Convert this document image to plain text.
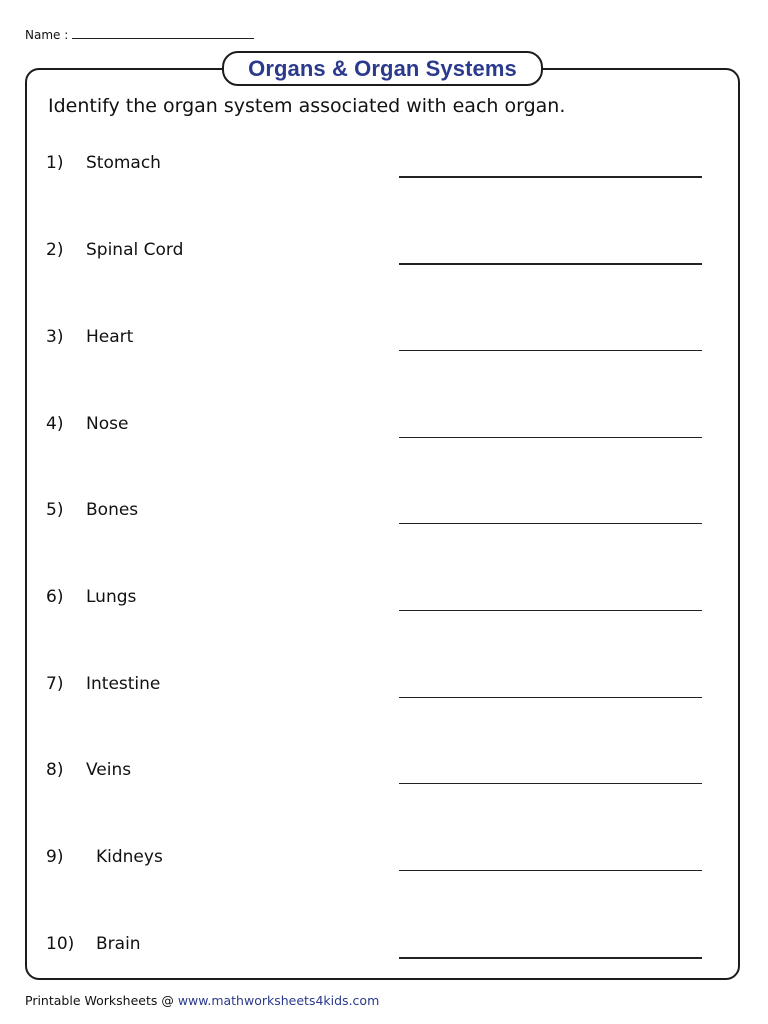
Name :
Organs & Organ Systems
Identify the organ system associated with each organ.
1) Stomach
2) Spinal Cord
3) Heart
4) Nose
5) Bones
6) Lungs
7) Intestine
8) Veins
9) Kidneys
10) Brain
Printable Worksheets @ www.mathworksheets4kids.com
